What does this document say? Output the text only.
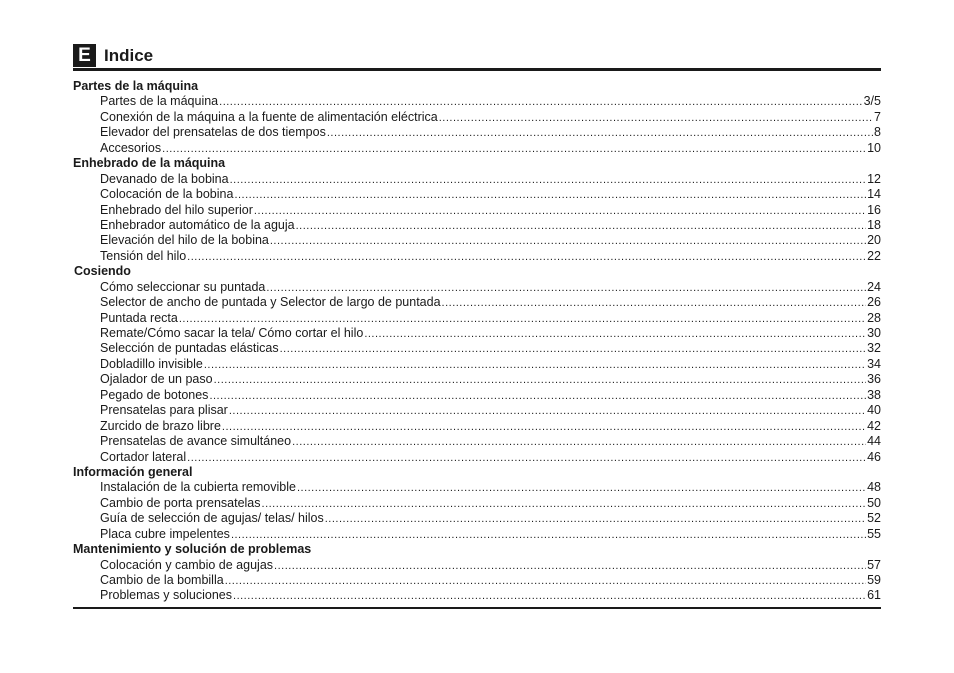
E Indice
Partes de la máquina
Partes de la máquina .....	3/5
Conexión de la máquina a la fuente de alimentación eléctrica .....	7
Elevador del prensatelas de dos tiempos .....	8
Accesorios .....	10
Enhebrado de la máquina
Devanado de la bobina .....	12
Colocación de la bobina .....	14
Enhebrado del hilo superior .....	16
Enhebrador automático de la aguja .....	18
Elevación del hilo de la bobina .....	20
Tensión del hilo .....	22
Cosiendo
Cómo seleccionar su puntada .....	24
Selector de ancho de puntada y Selector de largo de puntada .....	26
Puntada recta .....	28
Remate/Cómo sacar la tela/ Cómo cortar el hilo .....	30
Selección de puntadas elásticas .....	32
Dobladillo invisible .....	34
Ojalador de un paso .....	36
Pegado de botones .....	38
Prensatelas para plisar .....	40
Zurcido de brazo libre .....	42
Prensatelas de avance simultáneo .....	44
Cortador lateral .....	46
Información general
Instalación de la cubierta removible .....	48
Cambio de porta prensatelas .....	50
Guía de selección de agujas/ telas/ hilos .....	52
Placa cubre impelentes .....	55
Mantenimiento y solución de problemas
Colocación y cambio de agujas .....	57
Cambio de la bombilla .....	59
Problemas y soluciones .....	61
